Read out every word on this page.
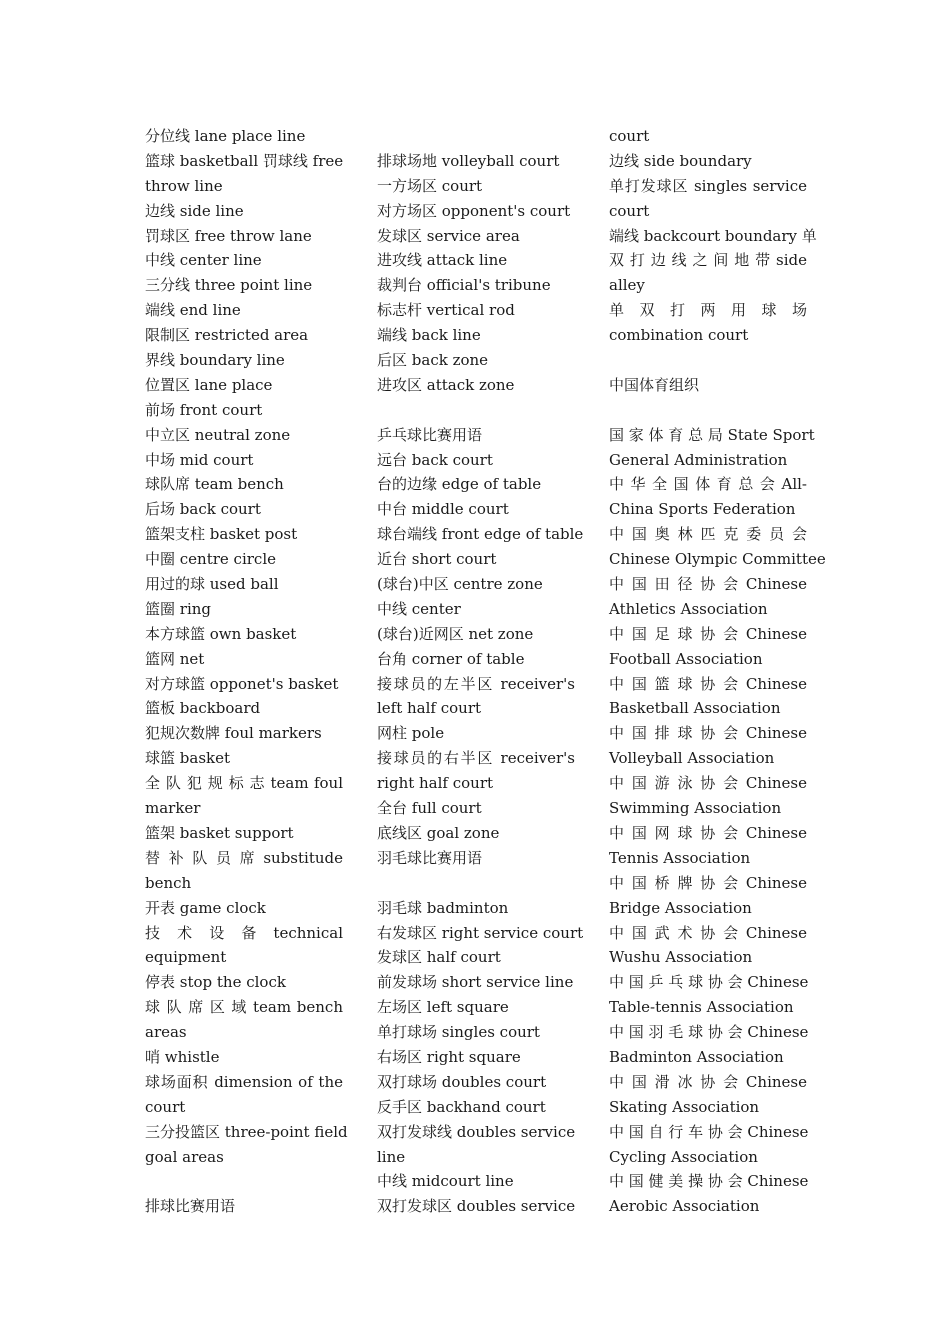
分位线 lane place line
篮球 basketball 罚球线 free
throw line
边线 side line
罚球区 free throw lane
中线 center line
三分线 three point line
端线 end line
限制区 restricted area
界线 boundary line
位置区 lane place
前场 front court
中立区 neutral zone
中场 mid court
球队席 team bench
后场 back court
篮架支柱 basket post
中圈 centre circle
用过的球 used ball
篮圈 ring
本方球篮 own basket
篮网 net
对方球篮 opponet's basket
篮板 backboard
犯规次数牌 foul markers
球篮 basket
全 队 犯 规 标 志 team foul
marker
篮架 basket support
替 补 队 员 席 substitude
bench
开表 game clock
技 术 设 备 technical
equipment
停表 stop the clock
球 队 席 区 域 team bench
areas
哨 whistle
球场面积 dimension of the
court
三分投篮区 three-point field
goal areas
排球比赛用语
排球场地 volleyball court
一方场区 court
对方场区 opponent's court
发球区 service area
进攻线 attack line
裁判台 official's tribune
标志杆 vertical rod
端线 back line
后区 back zone
进攻区 attack zone
乒乓球比赛用语
远台 back court
台的边缘 edge of table
中台 middle court
球台端线 front edge of table
近台 short court
(球台)中区 centre zone
中线 center
(球台)近网区 net zone
台角 corner of table
接球员的左半区 receiver's
left half court
网柱 pole
接球员的右半区 receiver's
right half court
全台 full court
底线区 goal zone
羽毛球比赛用语
羽毛球 badminton
右发球区 right service court
发球区 half court
前发球场 short service line
左场区 left square
单打球场 singles court
右场区 right square
双打球场 doubles court
反手区 backhand court
双打发球线 doubles service
line
中线 midcourt line
双打发球区 doubles service
court
边线 side boundary
单打发球区 singles service
court
端线 backcourt boundary 单
双 打 边 线 之 间 地 带 side
alley
单 双 打 两 用 球 场
combination court
中国体育组织
国 家 体 育 总 局 State Sport
General Administration
中 华 全 国 体 育 总 会 All-
China Sports Federation
中 国 奥 林 匹 克 委 员 会
Chinese Olympic Committee
中 国 田 径 协 会 Chinese
Athletics Association
中 国 足 球 协 会 Chinese
Football Association
中 国 篮 球 协 会 Chinese
Basketball Association
中 国 排 球 协 会 Chinese
Volleyball Association
中 国 游 泳 协 会 Chinese
Swimming Association
中 国 网 球 协 会 Chinese
Tennis Association
中 国 桥 牌 协 会 Chinese
Bridge Association
中 国 武 术 协 会 Chinese
Wushu Association
中 国 乒 乓 球 协 会 Chinese
Table-tennis Association
中 国 羽 毛 球 协 会 Chinese
Badminton Association
中 国 滑 冰 协 会 Chinese
Skating Association
中 国 自 行 车 协 会 Chinese
Cycling Association
中 国 健 美 操 协 会 Chinese
Aerobic Association
